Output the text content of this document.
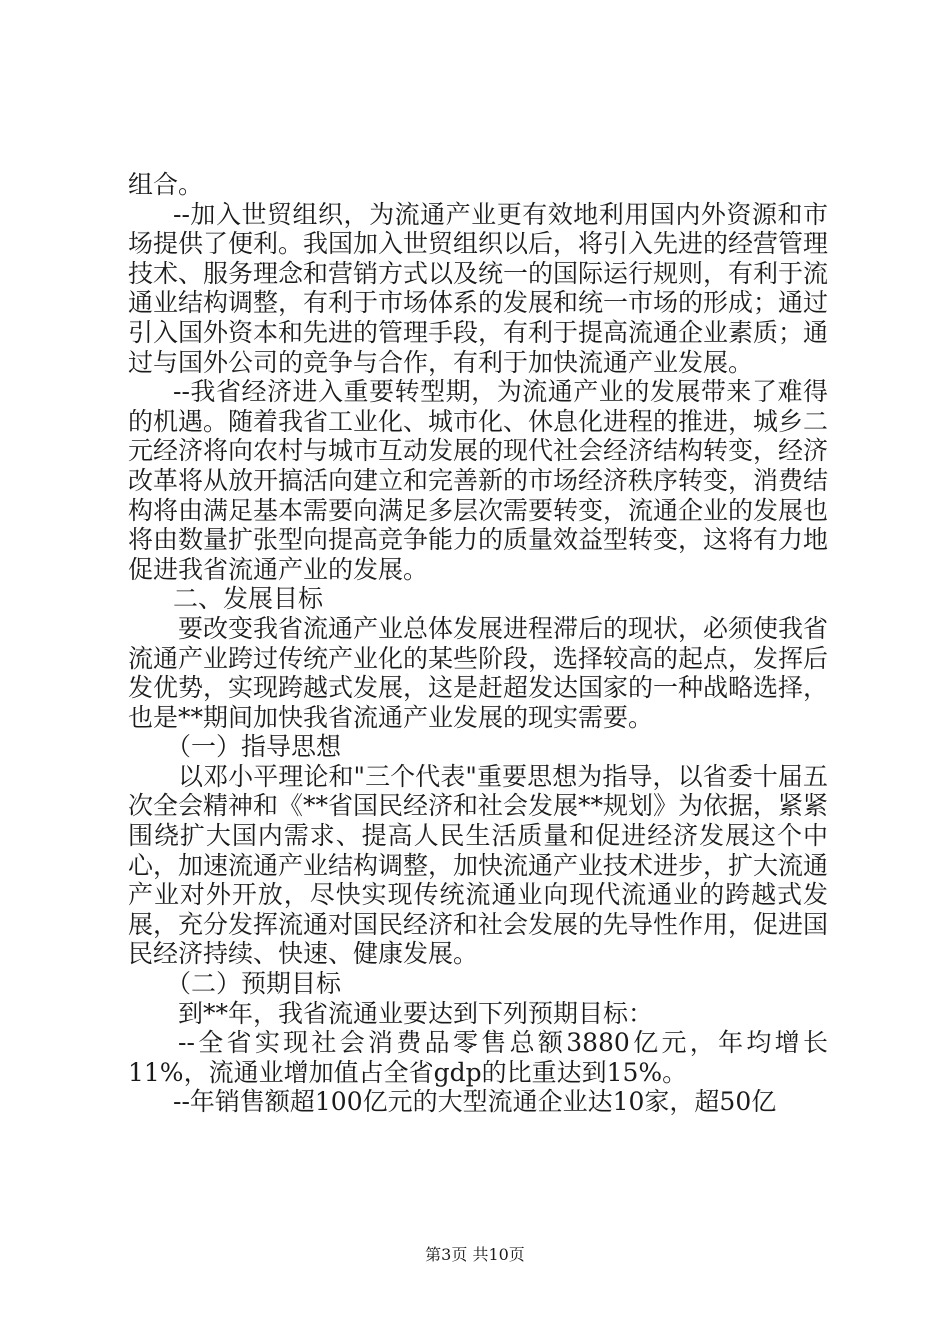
组合。

--加入世贸组织，为流通产业更有效地利用国内外资源和市场提供了便利。我国加入世贸组织以后，将引入先进的经营管理技术、服务理念和营销方式以及统一的国际运行规则，有利于流通业结构调整，有利于市场体系的发展和统一市场的形成；通过引入国外资本和先进的管理手段，有利于提高流通企业素质；通过与国外公司的竞争与合作，有利于加快流通产业发展。

--我省经济进入重要转型期，为流通产业的发展带来了难得的机遇。随着我省工业化、城市化、休息化进程的推进，城乡二元经济将向农村与城市互动发展的现代社会经济结构转变，经济改革将从放开搞活向建立和完善新的市场经济秩序转变，消费结构将由满足基本需要向满足多层次需要转变，流通企业的发展也将由数量扩张型向提高竞争能力的质量效益型转变，这将有力地促进我省流通产业的发展。

二、发展目标

要改变我省流通产业总体发展进程滞后的现状，必须使我省流通产业跨过传统产业化的某些阶段，选择较高的起点，发挥后发优势，实现跨越式发展，这是赶超发达国家的一种战略选择，也是**期间加快我省流通产业发展的现实需要。

（一）指导思想

以邓小平理论和"三个代表"重要思想为指导，以省委十届五次全会精神和《**省国民经济和社会发展**规划》为依据，紧紧围绕扩大国内需求、提高人民生活质量和促进经济发展这个中心，加速流通产业结构调整，加快流通产业技术进步，扩大流通产业对外开放，尽快实现传统流通业向现代流通业的跨越式发展，充分发挥流通对国民经济和社会发展的先导性作用，促进国民经济持续、快速、健康发展。

（二）预期目标

到**年，我省流通业要达到下列预期目标：

--全省实现社会消费品零售总额3880亿元，年均增长11%，流通业增加值占全省gdp的比重达到15%。

--年销售额超100亿元的大型流通企业达10家，超50亿

第3页 共10页
